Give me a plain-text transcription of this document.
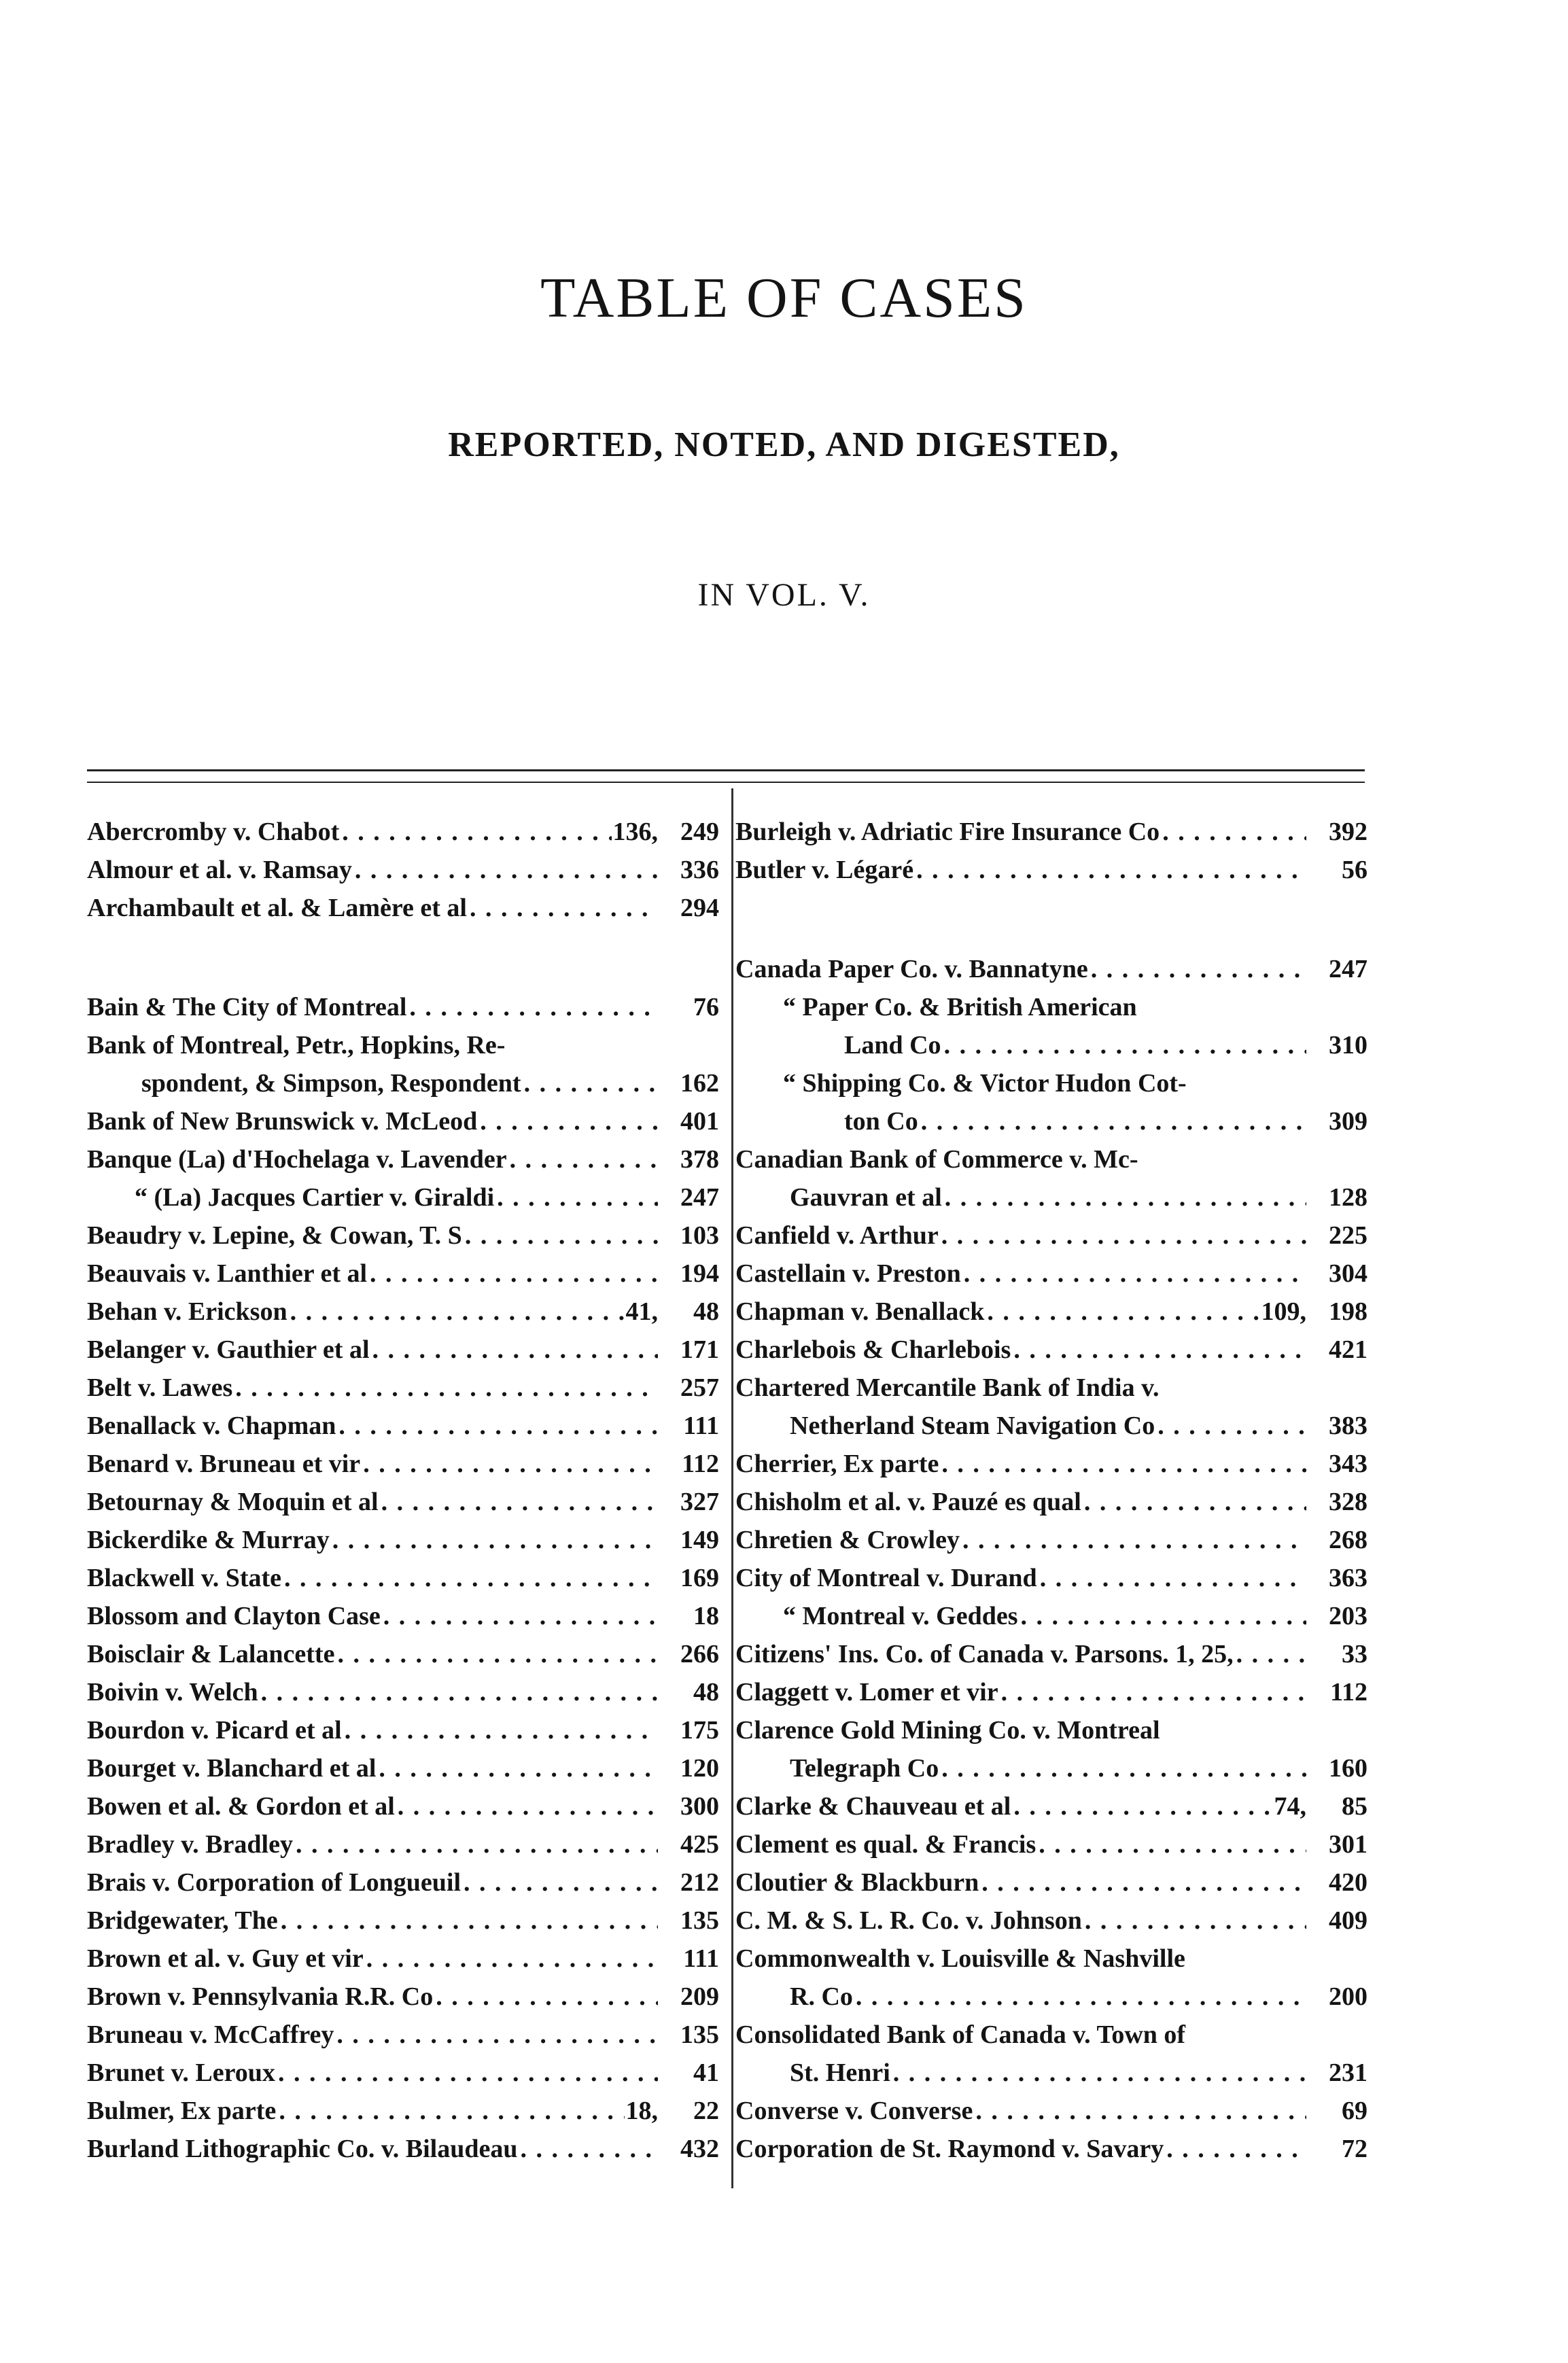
TABLE OF CASES
REPORTED, NOTED, AND DIGESTED,
IN VOL. V.
Abercromby v. Chabot . . .	136, 249
Almour et al. v. Ramsay . . .	336
Archambault et al. & Lamère et al . . .	294
Bain & The City of Montreal . . .	76
Bank of Montreal, Petr., Hopkins, Re-
spondent, & Simpson, Respondent . . .	162
Bank of New Brunswick v. McLeod . . .	401
Banque (La) d'Hochelaga v. Lavender . . .	378
“ (La) Jacques Cartier v. Giraldi . . .	247
Beaudry v. Lepine, & Cowan, T. S . . .	103
Beauvais v. Lanthier et al . . .	194
Behan v. Erickson . . .	41,	48
Belanger v. Gauthier et al . . .	171
Belt v. Lawes . . .	257
Benallack v. Chapman . . .	111
Benard v. Bruneau et vir . . .	112
Betournay & Moquin et al . . .	327
Bickerdike & Murray . . .	149
Blackwell v. State . . .	169
Blossom and Clayton Case . . .	18
Boisclair & Lalancette . . .	266
Boivin v. Welch . . .	48
Bourdon v. Picard et al . . .	175
Bourget v. Blanchard et al . . .	120
Bowen et al. & Gordon et al . . .	300
Bradley v. Bradley . . .	425
Brais v. Corporation of Longueuil . . .	212
Bridgewater, The . . .	135
Brown et al. v. Guy et vir . . .	111
Brown v. Pennsylvania R.R. Co . . .	209
Bruneau v. McCaffrey . . .	135
Brunet v. Leroux . . .	41
Bulmer, Ex parte . . .	18,	22
Burland Lithographic Co. v. Bilaudeau . . .	432
Burleigh v. Adriatic Fire Insurance Co . . .	392
Butler v. Légaré . . .	56
Canada Paper Co. v. Bannatyne . . .	247
“ Paper Co. & British American
Land Co . . .	310
“ Shipping Co. & Victor Hudon Cot-
ton Co . . .	309
Canadian Bank of Commerce v. Mc-
Gauvran et al . . .	128
Canfield v. Arthur . . .	225
Castellain v. Preston . . .	304
Chapman v. Benallack . . .	109, 198
Charlebois & Charlebois . . .	421
Chartered Mercantile Bank of India v.
Netherland Steam Navigation Co . . .	383
Cherrier, Ex parte . . .	343
Chisholm et al. v. Pauzé es qual . . .	328
Chretien & Crowley . . .	268
City of Montreal v. Durand . . .	363
“ Montreal v. Geddes . . .	203
Citizens' Ins. Co. of Canada v. Parsons. 1, 25, . . .	33
Claggett v. Lomer et vir . . .	112
Clarence Gold Mining Co. v. Montreal
Telegraph Co . . .	160
Clarke & Chauveau et al . . .	74,	85
Clement es qual. & Francis . . .	301
Cloutier & Blackburn . . .	420
C. M. & S. L. R. Co. v. Johnson . . .	409
Commonwealth v. Louisville & Nashville
R. Co . . .	200
Consolidated Bank of Canada v. Town of
St. Henri . . .	231
Converse v. Converse . . .	69
Corporation de St. Raymond v. Savary . . .	72
